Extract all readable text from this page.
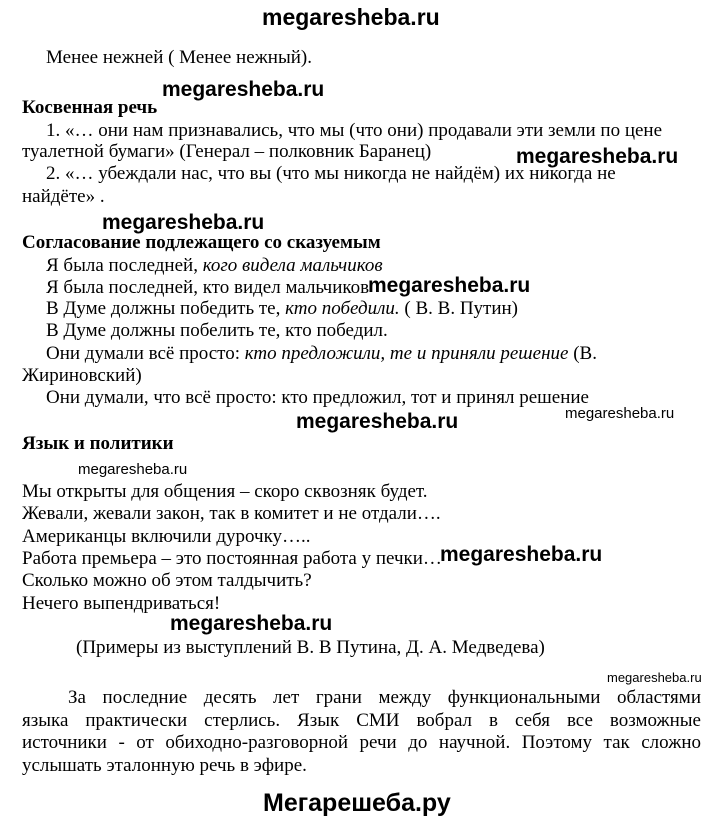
megaresheba.ru
Менее нежней ( Менее нежный).
megaresheba.ru
Косвенная речь
1. «… они нам признавались, что мы (что они) продавали эти земли по цене
туалетной бумаги» (Генерал – полковник Баранец)	megaresheba.ru
2. «… убеждали нас, что вы (что мы никогда не найдём) их никогда не
найдёте» .
megaresheba.ru
Согласование подлежащего со сказуемым
Я была последней, кого видела мальчиков
Я была последней, кто видел мальчиков
megaresheba.ru
В Думе должны победить те, кто победили. ( В. В. Путин)
В Думе должны побелить те, кто победил.
Они думали всё просто: кто предложили, те и приняли решение (В.
Жириновский)
Они думали, что всё просто: кто предложил, тот и принял решение
megaresheba.ru
megaresheba.ru
Язык и политики
megaresheba.ru
Мы открыты для общения – скоро сквозняк будет.
Жевали, жевали закон, так в комитет и не отдали….
Американцы включили дурочку…..
Работа премьера – это постоянная работа у печки…
megaresheba.ru
Сколько можно об этом талдычить?
Нечего выпендриваться!
megaresheba.ru
(Примеры из выступлений В. В Путина, Д. А. Медведева)
megaresheba.ru
За последние десять лет грани между функциональными областями
языка практически стерлись. Язык СМИ вобрал в себя все возможные
источники - от обиходно-разговорной речи до научной. Поэтому так сложно
услышать эталонную речь в эфире.
Мегарешеба.ру
